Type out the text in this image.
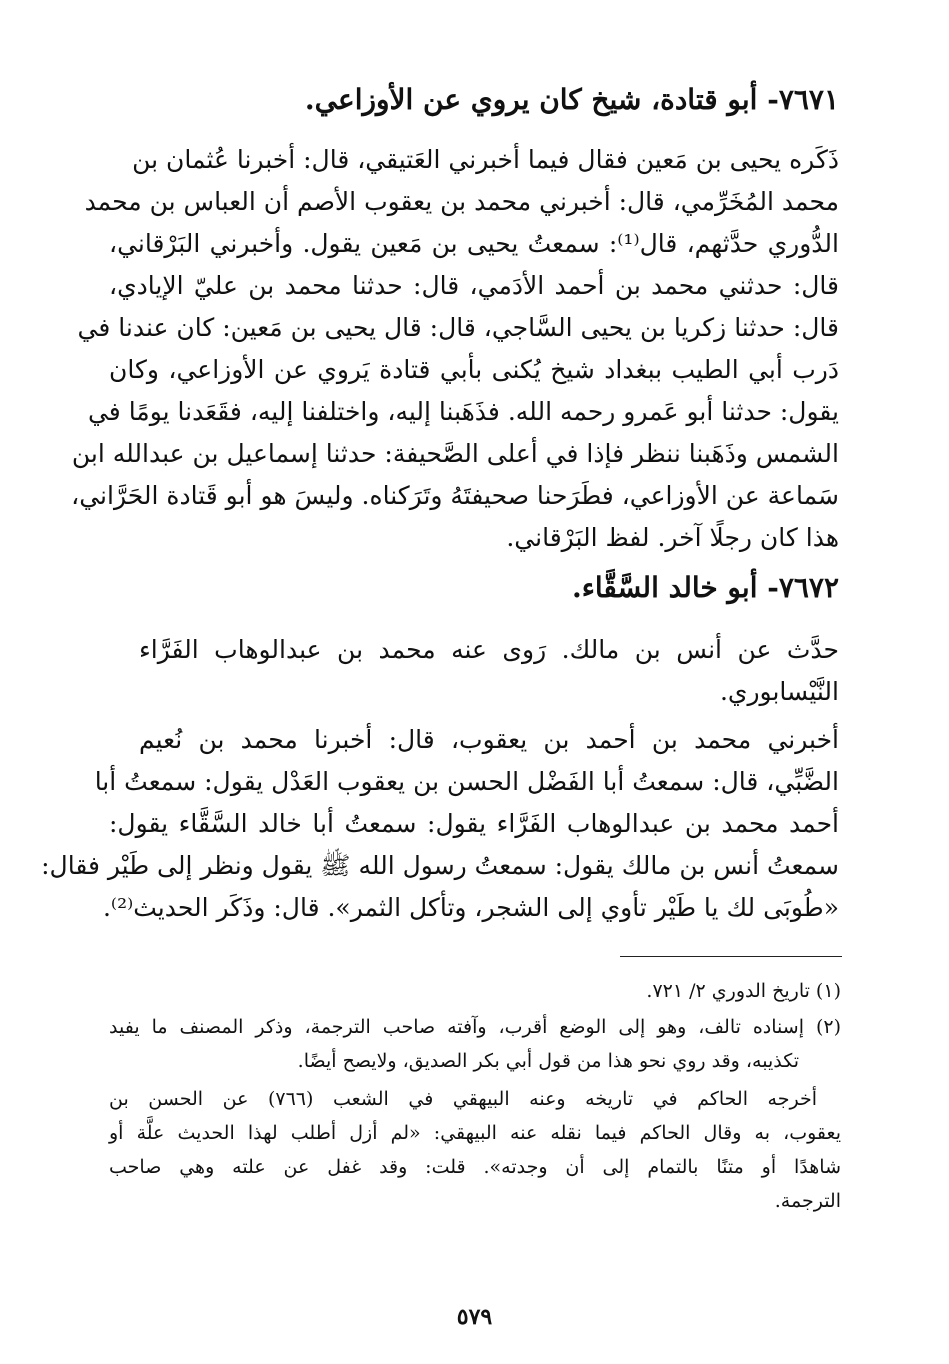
٧٦٧١- أبو قتادة، شيخ كان يروي عن الأوزاعي.
ذَكَره يحيى بن مَعين فقال فيما أخبرني العَتيقي، قال: أخبرنا عُثمان بن
محمد المُخَرِّمي، قال: أخبرني محمد بن يعقوب الأصم أن العباس بن محمد
الدُّوري حدَّثهم، قال⁽¹⁾: سمعتُ يحيى بن مَعين يقول. وأخبرني البَرْقاني،
قال: حدثني محمد بن أحمد الأدَمي، قال: حدثنا محمد بن عليّ الإيادي،
قال: حدثنا زكريا بن يحيى السَّاجي، قال: قال يحيى بن مَعين: كان عندنا في
دَرب أبي الطيب ببغداد شيخ يُكنى بأبي قتادة يَروي عن الأوزاعي، وكان
يقول: حدثنا أبو عَمرو رحمه الله. فذَهَبنا إليه، واختلفنا إليه، فقَعَدنا يومًا في
الشمس وذَهَبنا ننظر فإذا في أعلى الصَّحيفة: حدثنا إسماعيل بن عبدالله ابن
سَماعة عن الأوزاعي، فطَرَحنا صحيفتَهُ وتَرَكناه. وليسَ هو أبو قَتادة الحَرَّاني،
هذا كان رجلًا آخر. لفظ البَرْقاني.
٧٦٧٢- أبو خالد السَّقَّاء.
حدَّث عن أنس بن مالك. رَوى عنه محمد بن عبدالوهاب الفَرَّاء
النَّيْسابوري.
أخبرني محمد بن أحمد بن يعقوب، قال: أخبرنا محمد بن نُعيم
الضَّبِّي، قال: سمعتُ أبا الفَضْل الحسن بن يعقوب العَدْل يقول: سمعتُ أبا
أحمد محمد بن عبدالوهاب الفَرَّاء يقول: سمعتُ أبا خالد السَّقَّاء يقول:
سمعتُ أنس بن مالك يقول: سمعتُ رسول الله ﷺ يقول ونظر إلى طَيْر فقال:
«طُوبَى لك يا طَيْر تأوي إلى الشجر، وتأكل الثمر». قال: وذَكَر الحديث⁽²⁾.
(١) تاريخ الدوري ٢/ ٧٢١.
(٢) إسناده تالف، وهو إلى الوضع أقرب، وآفته صاحب الترجمة، وذكر المصنف ما يفيد
تكذيبه، وقد روي نحو هذا من قول أبي بكر الصديق، ولايصح أيضًا.
أخرجه الحاكم في تاريخه وعنه البيهقي في الشعب (٧٦٦) عن الحسن بن
يعقوب، به وقال الحاكم فيما نقله عنه البيهقي: «لم أزل أطلب لهذا الحديث علَّة أو
شاهدًا أو متنًا بالتمام إلى أن وجدته». قلت: وقد غفل عن علته وهي صاحب
الترجمة.
٥٧٩
